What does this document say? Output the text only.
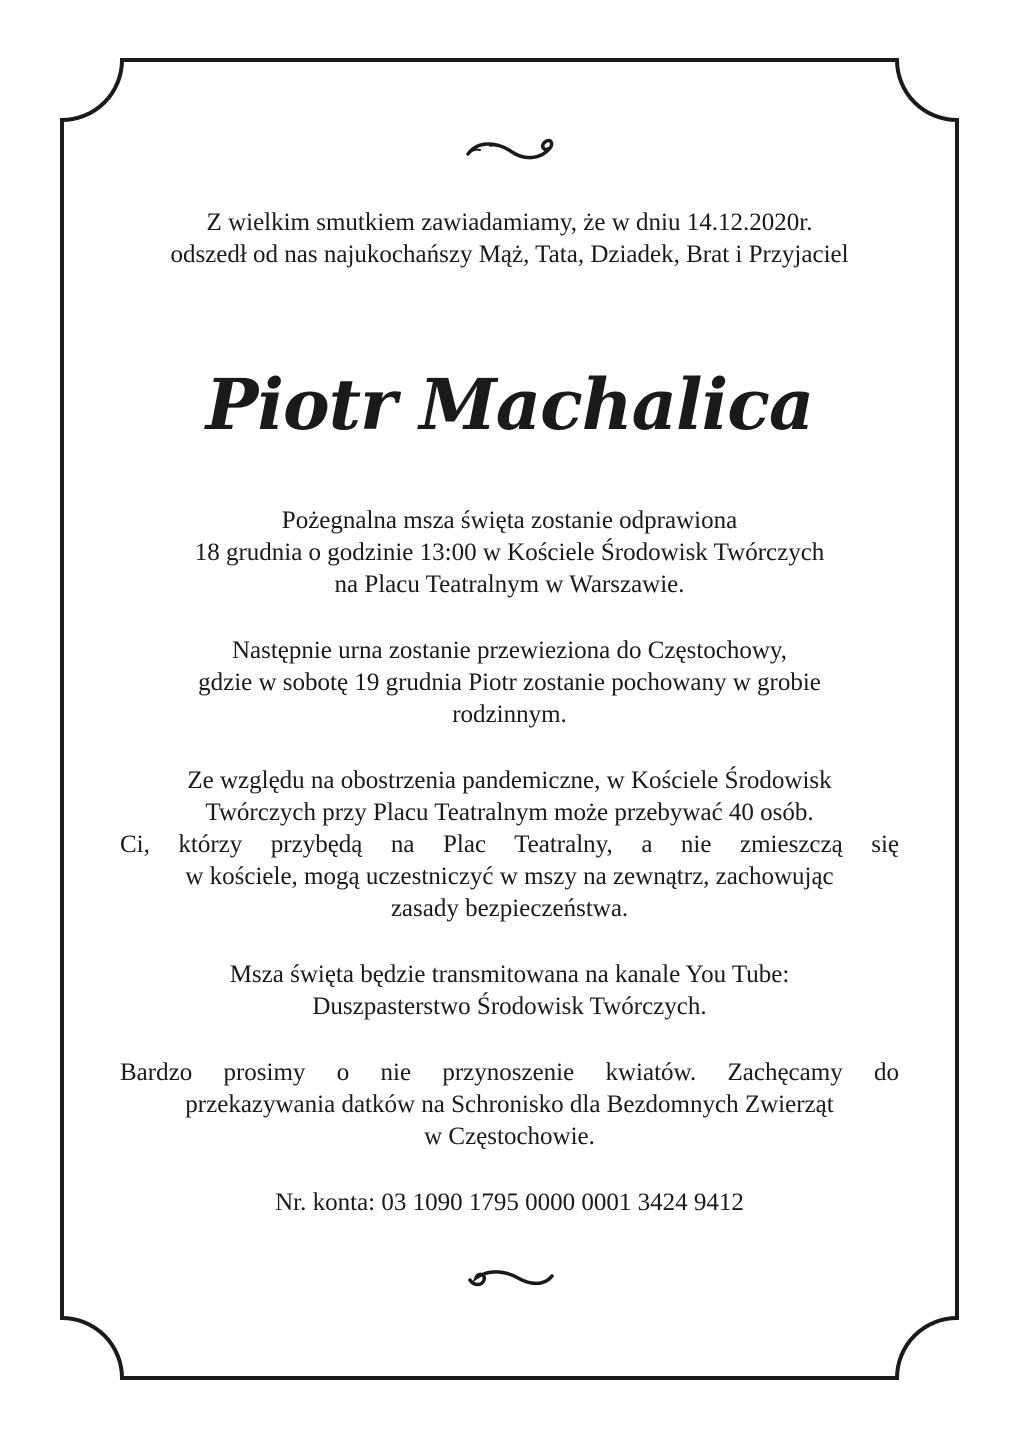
Z wielkim smutkiem zawiadamiamy, że w dniu 14.12.2020r.

odszedł od nas najukochańszy Mąż, Tata, Dziadek, Brat i Przyjaciel

Piotr Machalica

Pożegnalna msza święta zostanie odprawiona
18 grudnia o godzinie 13:00 w Kościele Środowisk Twórczych
na Placu Teatralnym w Warszawie.

Następnie urna zostanie przewieziona do Częstochowy,
gdzie w sobotę 19 grudnia Piotr zostanie pochowany w grobie
rodzinnym.

Ze względu na obostrzenia pandemiczne, w Kościele Środowisk
Twórczych przy Placu Teatralnym może przebywać 40 osób.
Ci, którzy przybędą na Plac Teatralny, a nie zmieszczą się
w kościele, mogą uczestniczyć w mszy na zewnątrz, zachowując
zasady bezpieczeństwa.

Msza święta będzie transmitowana na kanale You Tube:
Duszpasterstwo Środowisk Twórczych.

Bardzo prosimy o nie przynoszenie kwiatów. Zachęcamy do
przekazywania datków na Schronisko dla Bezdomnych Zwierząt
w Częstochowie.

Nr. konta: 03 1090 1795 0000 0001 3424 9412
